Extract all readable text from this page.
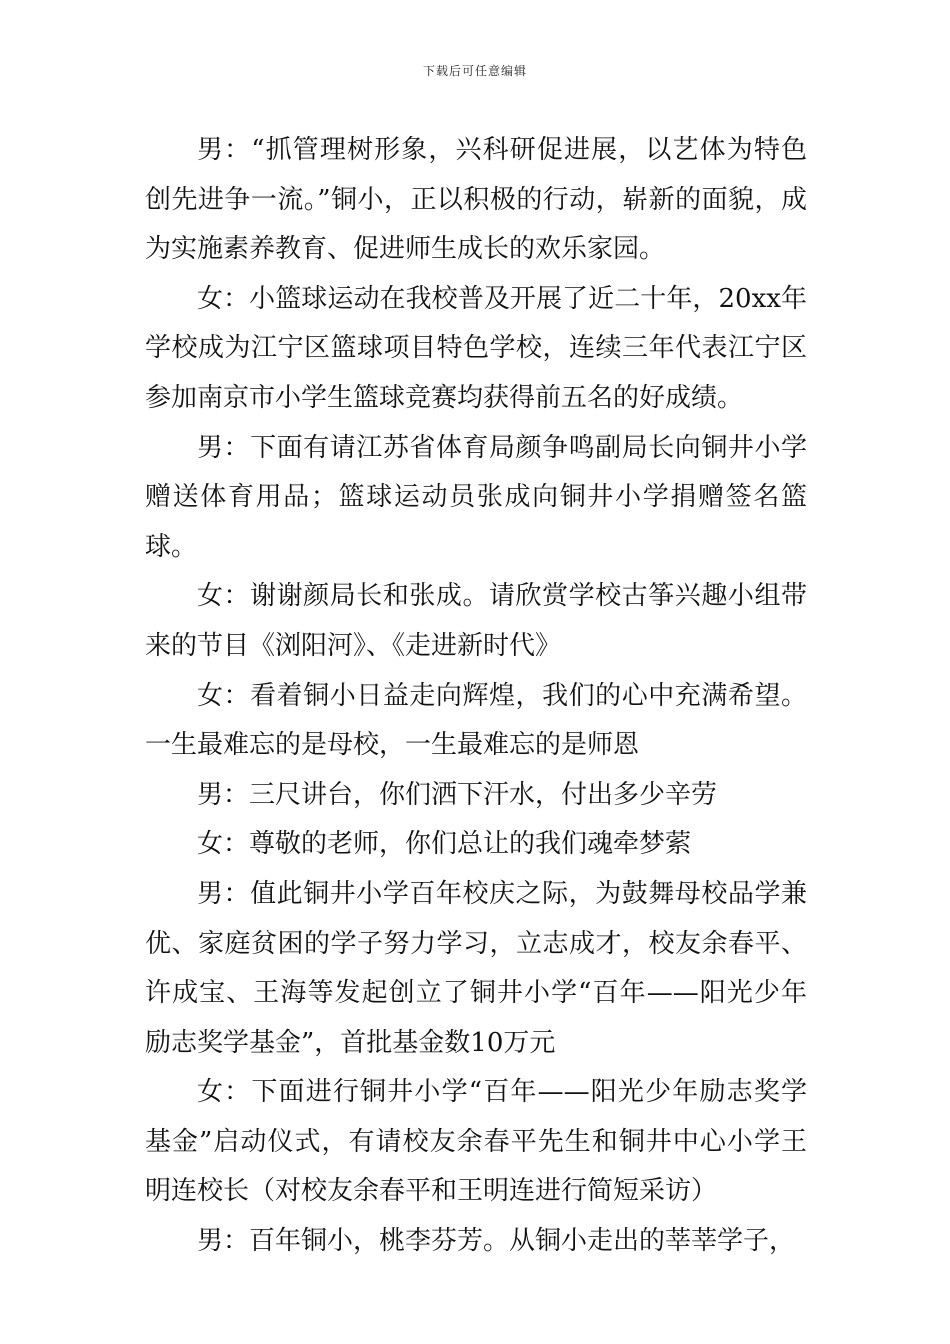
下载后可任意编辑

男：“抓管理树形象，兴科研促进展，以艺体为特色创先进争一流。”铜小，正以积极的行动，崭新的面貌，成为实施素养教育、促进师生成长的欢乐家园。

女：小篮球运动在我校普及开展了近二十年，20xx年学校成为江宁区篮球项目特色学校，连续三年代表江宁区参加南京市小学生篮球竞赛均获得前五名的好成绩。

男：下面有请江苏省体育局颜争鸣副局长向铜井小学赠送体育用品；篮球运动员张成向铜井小学捐赠签名篮球。

女：谢谢颜局长和张成。请欣赏学校古筝兴趣小组带来的节目《浏阳河》、《走进新时代》

女：看着铜小日益走向辉煌，我们的心中充满希望。一生最难忘的是母校，一生最难忘的是师恩

男：三尺讲台，你们洒下汗水，付出多少辛劳

女：尊敬的老师，你们总让的我们魂牵梦萦

男：值此铜井小学百年校庆之际，为鼓舞母校品学兼优、家庭贫困的学子努力学习，立志成才，校友余春平、许成宝、王海等发起创立了铜井小学“百年——阳光少年励志奖学基金”，首批基金数10万元

女：下面进行铜井小学“百年——阳光少年励志奖学基金”启动仪式，有请校友余春平先生和铜井中心小学王明连校长（对校友余春平和王明连进行简短采访）

男：百年铜小，桃李芬芳。从铜小走出的莘莘学子，
